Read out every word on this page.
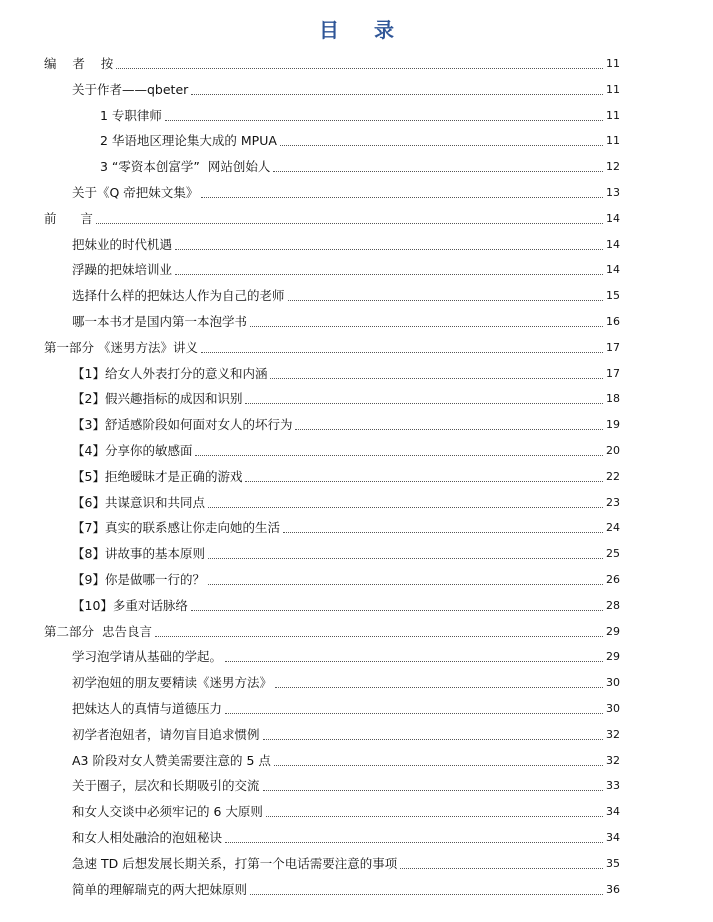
目 录
编    者    按	11
关于作者——qbeter	11
1 专职律师	11
2 华语地区理论集大成的 MPUA	11
3 “零资本创富学”  网站创始人	12
关于《Q 帝把妹文集》	13
前      言	14
把妹业的时代机遇	14
浮躁的把妹培训业	14
选择什么样的把妹达人作为自己的老师	15
哪一本书才是国内第一本泡学书	16
第一部分 《迷男方法》讲义	17
【1】给女人外表打分的意义和内涵	17
【2】假兴趣指标的成因和识别	18
【3】舒适感阶段如何面对女人的坏行为	19
【4】分享你的敏感面	20
【5】拒绝暧昧才是正确的游戏	22
【6】共谋意识和共同点	23
【7】真实的联系感让你走向她的生活	24
【8】讲故事的基本原则	25
【9】你是做哪一行的？	26
【10】多重对话脉络	28
第二部分  忠告良言	29
学习泡学请从基础的学起。	29
初学泡妞的朋友要精读《迷男方法》	30
把妹达人的真情与道德压力	30
初学者泡妞者，请勿盲目追求惯例	32
A3 阶段对女人赞美需要注意的 5 点	32
关于圈子，层次和长期吸引的交流	33
和女人交谈中必须牢记的 6 大原则	34
和女人相处融洽的泡妞秘诀	34
急速 TD 后想发展长期关系，打第一个电话需要注意的事项	35
简单的理解瑞克的两大把妹原则	36
